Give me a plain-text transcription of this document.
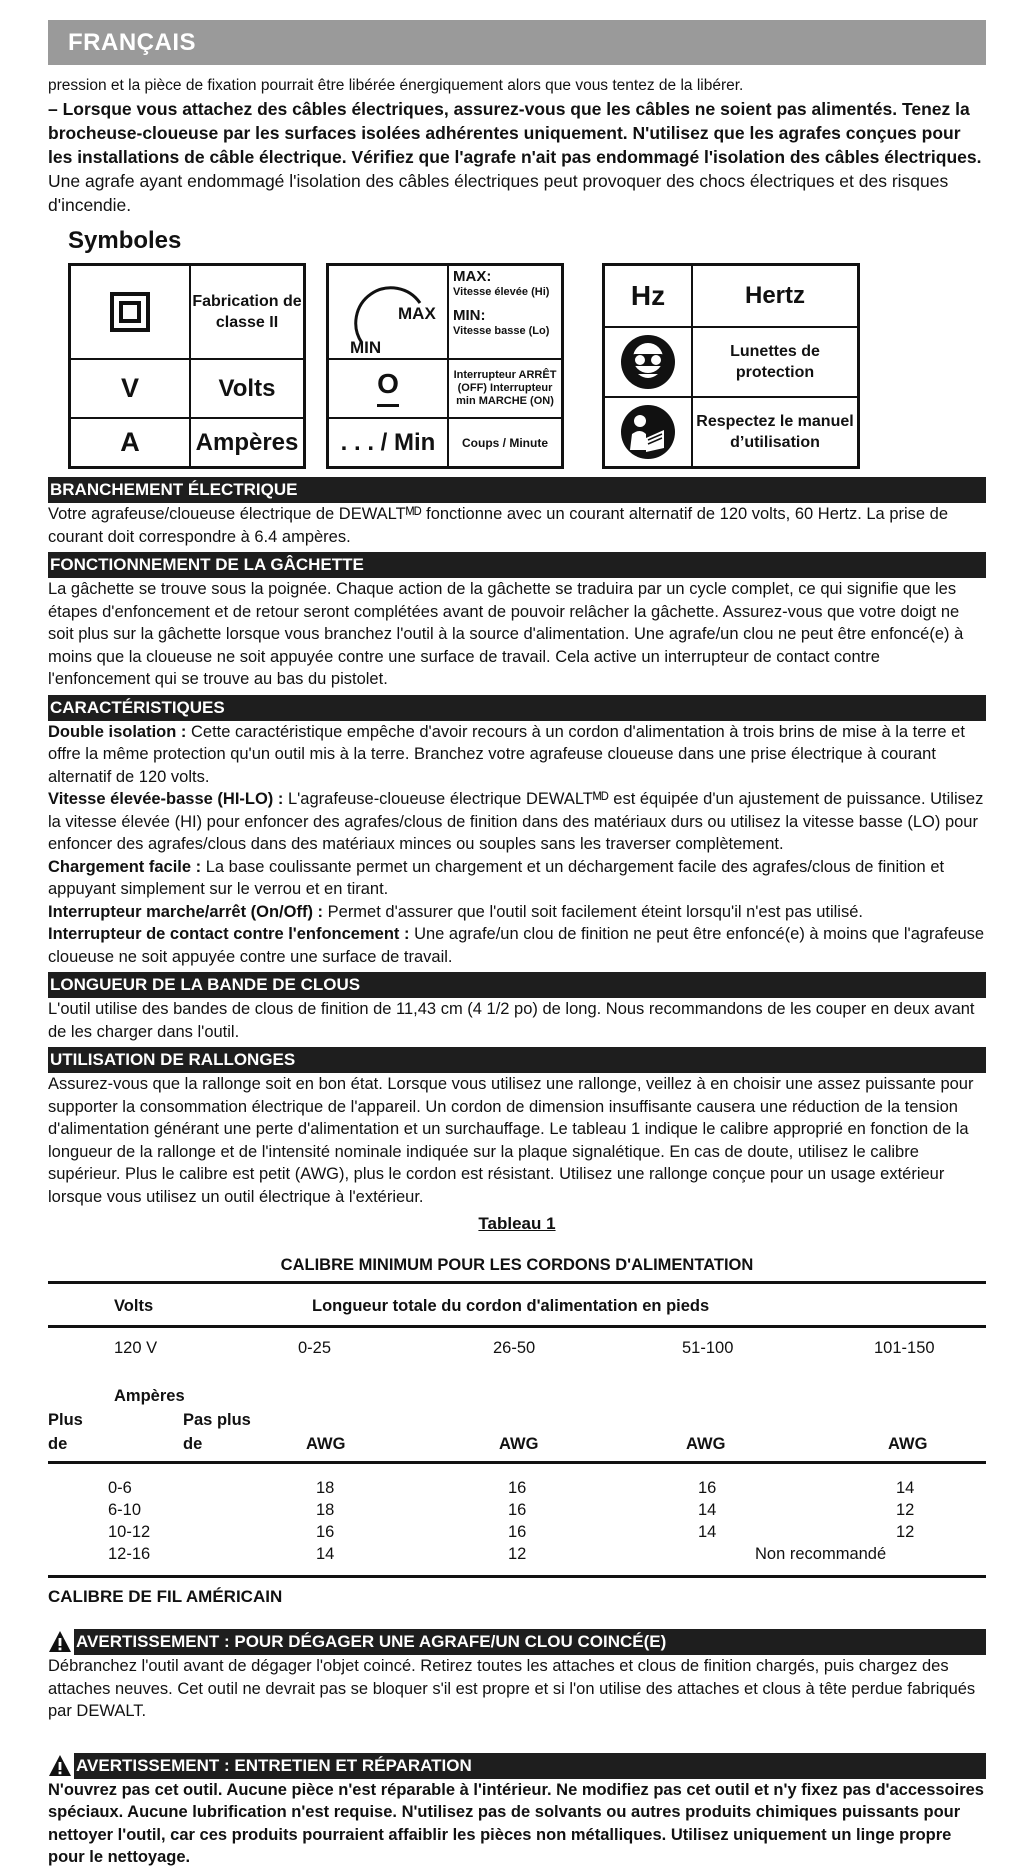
FRANÇAIS
pression et la pièce de fixation pourrait être libérée énergiquement alors que vous tentez de la libérer.
– Lorsque vous attachez des câbles électriques, assurez-vous que les câbles ne soient pas alimentés. Tenez la brocheuse-cloueuse par les surfaces isolées adhérentes uniquement. N'utilisez que les agrafes conçues pour les installations de câble électrique. Vérifiez que l'agrafe n'ait pas endommagé l'isolation des câbles électriques. Une agrafe ayant endommagé l'isolation des câbles électriques peut provoquer des chocs électriques et des risques d'incendie.
Symboles
Fabrication de classe II
V	Volts
A	Ampères
MAX
MIN
MAX:
Vitesse élevée (Hi)
MIN:
Vitesse basse (Lo)
O	Interrupteur ARRÊT (OFF) Interrupteur min MARCHE (ON)
. . . / Min	Coups / Minute
Hz	Hertz
Lunettes de protection
Respectez le manuel d’utilisation
BRANCHEMENT ÉLECTRIQUE
Votre agrafeuse/cloueuse électrique de DEWALTᴹᴰ fonctionne avec un courant alternatif de 120 volts, 60 Hertz. La prise de courant doit correspondre à 6.4 ampères.
FONCTIONNEMENT DE LA GÂCHETTE
La gâchette se trouve sous la poignée. Chaque action de la gâchette se traduira par un cycle complet, ce qui signifie que les étapes d'enfoncement et de retour seront complétées avant de pouvoir relâcher la gâchette. Assurez-vous que votre doigt ne soit plus sur la gâchette lorsque vous branchez l'outil à la source d'alimentation. Une agrafe/un clou ne peut être enfoncé(e) à moins que la cloueuse ne soit appuyée contre une surface de travail. Cela active un interrupteur de contact contre l'enfoncement qui se trouve au bas du pistolet.
CARACTÉRISTIQUES

Double isolation : Cette caractéristique empêche d'avoir recours à un cordon d'alimentation à trois brins de mise à la terre et offre la même protection qu'un outil mis à la terre. Branchez votre agrafeuse cloueuse dans une prise électrique à courant alternatif de 120 volts.

Vitesse élevée-basse (HI-LO) : L'agrafeuse-cloueuse électrique DEWALTᴹᴰ est équipée d'un ajustement de puissance. Utilisez la vitesse élevée (HI) pour enfoncer des agrafes/clous de finition dans des matériaux durs ou utilisez la vitesse basse (LO) pour enfoncer des agrafes/clous dans des matériaux minces ou souples sans les traverser complètement.

Chargement facile : La base coulissante permet un chargement et un déchargement facile des agrafes/clous de finition et appuyant simplement sur le verrou et en tirant.

Interrupteur marche/arrêt (On/Off) : Permet d'assurer que l'outil soit facilement éteint lorsqu'il n'est pas utilisé.

Interrupteur de contact contre l'enfoncement : Une agrafe/un clou de finition ne peut être enfoncé(e) à moins que l'agrafeuse cloueuse ne soit appuyée contre une surface de travail.

LONGUEUR DE LA BANDE DE CLOUS
L'outil utilise des bandes de clous de finition de 11,43 cm (4 1/2 po) de long. Nous recommandons de les couper en deux avant de les charger dans l'outil.
UTILISATION DE RALLONGES
Assurez-vous que la rallonge soit en bon état. Lorsque vous utilisez une rallonge, veillez à en choisir une assez puissante pour supporter la consommation électrique de l'appareil. Un cordon de dimension insuffisante causera une réduction de la tension d'alimentation générant une perte d'alimentation et un surchauffage. Le tableau 1 indique le calibre approprié en fonction de la longueur de la rallonge et de l'intensité nominale indiquée sur la plaque signalétique. En cas de doute, utilisez le calibre supérieur. Plus le calibre est petit (AWG), plus le cordon est résistant. Utilisez une rallonge conçue pour un usage extérieur lorsque vous utilisez un outil électrique à l'extérieur.
Tableau 1
CALIBRE MINIMUM POUR LES CORDONS D'ALIMENTATION
Volts	Longueur totale du cordon d'alimentation en pieds
120 V	0-25	26-50	51-100	101-150
Ampères
Plus	Pas plus
de	de	AWG	AWG	AWG	AWG
0-6	18	16	16	14
6-10	18	16	14	12
10-12	16	16	14	12
12-16	14	12	Non recommandé
CALIBRE DE FIL AMÉRICAIN
AVERTISSEMENT : POUR DÉGAGER UNE AGRAFE/UN CLOU COINCÉ(E)
Débranchez l'outil avant de dégager l'objet coincé. Retirez toutes les attaches et clous de finition chargés, puis chargez des attaches neuves. Cet outil ne devrait pas se bloquer s'il est propre et si l'on utilise des attaches et clous à tête perdue fabriqués par DEWALT.
AVERTISSEMENT : ENTRETIEN ET RÉPARATION
N'ouvrez pas cet outil. Aucune pièce n'est réparable à l'intérieur. Ne modifiez pas cet outil et n'y fixez pas d'accessoires spéciaux. Aucune lubrification n'est requise. N'utilisez pas de solvants ou autres produits chimiques puissants pour nettoyer l'outil, car ces produits pourraient affaiblir les pièces non métalliques. Utilisez uniquement un linge propre pour le nettoyage.
